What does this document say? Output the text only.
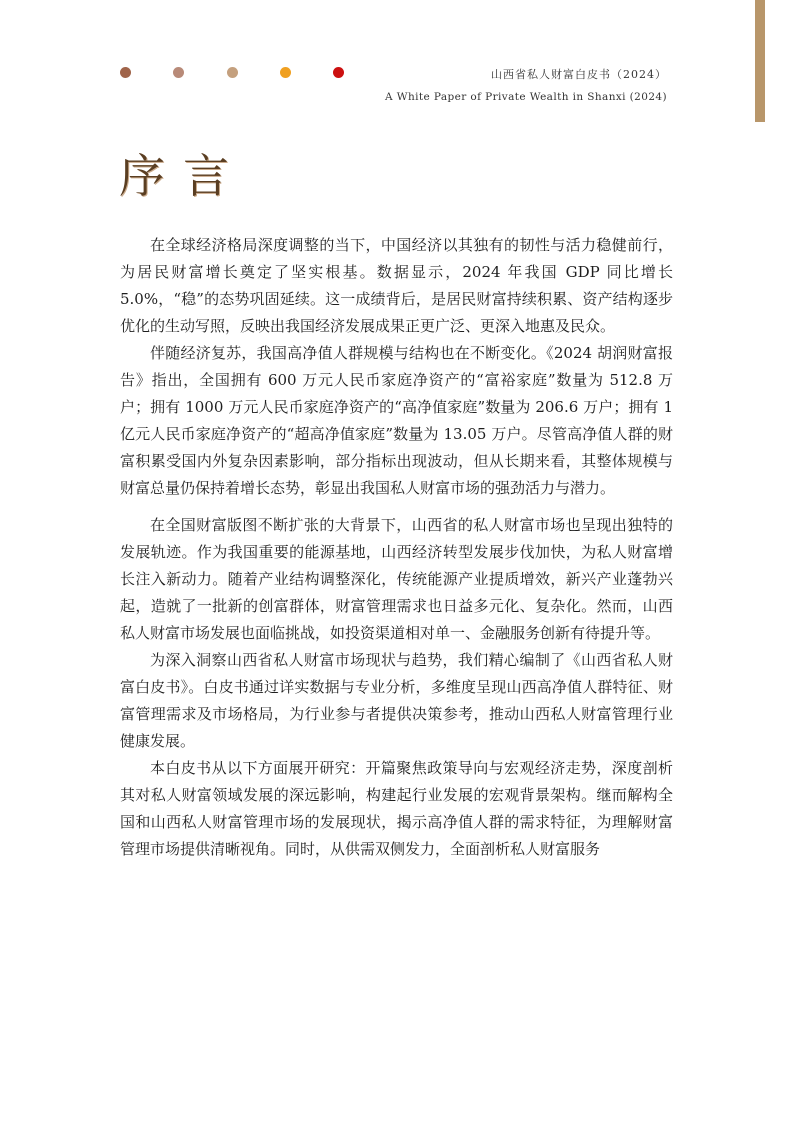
山西省私人财富白皮书（2024）
A White Paper of Private Wealth in Shanxi (2024)
序言

在全球经济格局深度调整的当下，中国经济以其独有的韧性与活力稳健前行，为居民财富增长奠定了坚实根基。数据显示，2024 年我国 GDP 同比增长 5.0%，“稳”的态势巩固延续。这一成绩背后，是居民财富持续积累、资产结构逐步优化的生动写照，反映出我国经济发展成果正更广泛、更深入地惠及民众。

伴随经济复苏，我国高净值人群规模与结构也在不断变化。《2024 胡润财富报告》指出，全国拥有 600 万元人民币家庭净资产的“富裕家庭”数量为 512.8 万户；拥有 1000 万元人民币家庭净资产的“高净值家庭”数量为 206.6 万户；拥有 1 亿元人民币家庭净资产的“超高净值家庭”数量为 13.05 万户。尽管高净值人群的财富积累受国内外复杂因素影响，部分指标出现波动，但从长期来看，其整体规模与财富总量仍保持着增长态势，彰显出我国私人财富市场的强劲活力与潜力。

在全国财富版图不断扩张的大背景下，山西省的私人财富市场也呈现出独特的发展轨迹。作为我国重要的能源基地，山西经济转型发展步伐加快，为私人财富增长注入新动力。随着产业结构调整深化，传统能源产业提质增效，新兴产业蓬勃兴起，造就了一批新的创富群体，财富管理需求也日益多元化、复杂化。然而，山西私人财富市场发展也面临挑战，如投资渠道相对单一、金融服务创新有待提升等。

为深入洞察山西省私人财富市场现状与趋势，我们精心编制了《山西省私人财富白皮书》。白皮书通过详实数据与专业分析，多维度呈现山西高净值人群特征、财富管理需求及市场格局，为行业参与者提供决策参考，推动山西私人财富管理行业健康发展。

本白皮书从以下方面展开研究：开篇聚焦政策导向与宏观经济走势，深度剖析其对私人财富领域发展的深远影响，构建起行业发展的宏观背景架构。继而解构全国和山西私人财富管理市场的发展现状，揭示高净值人群的需求特征，为理解财富管理市场提供清晰视角。同时，从供需双侧发力，全面剖析私人财富服务
